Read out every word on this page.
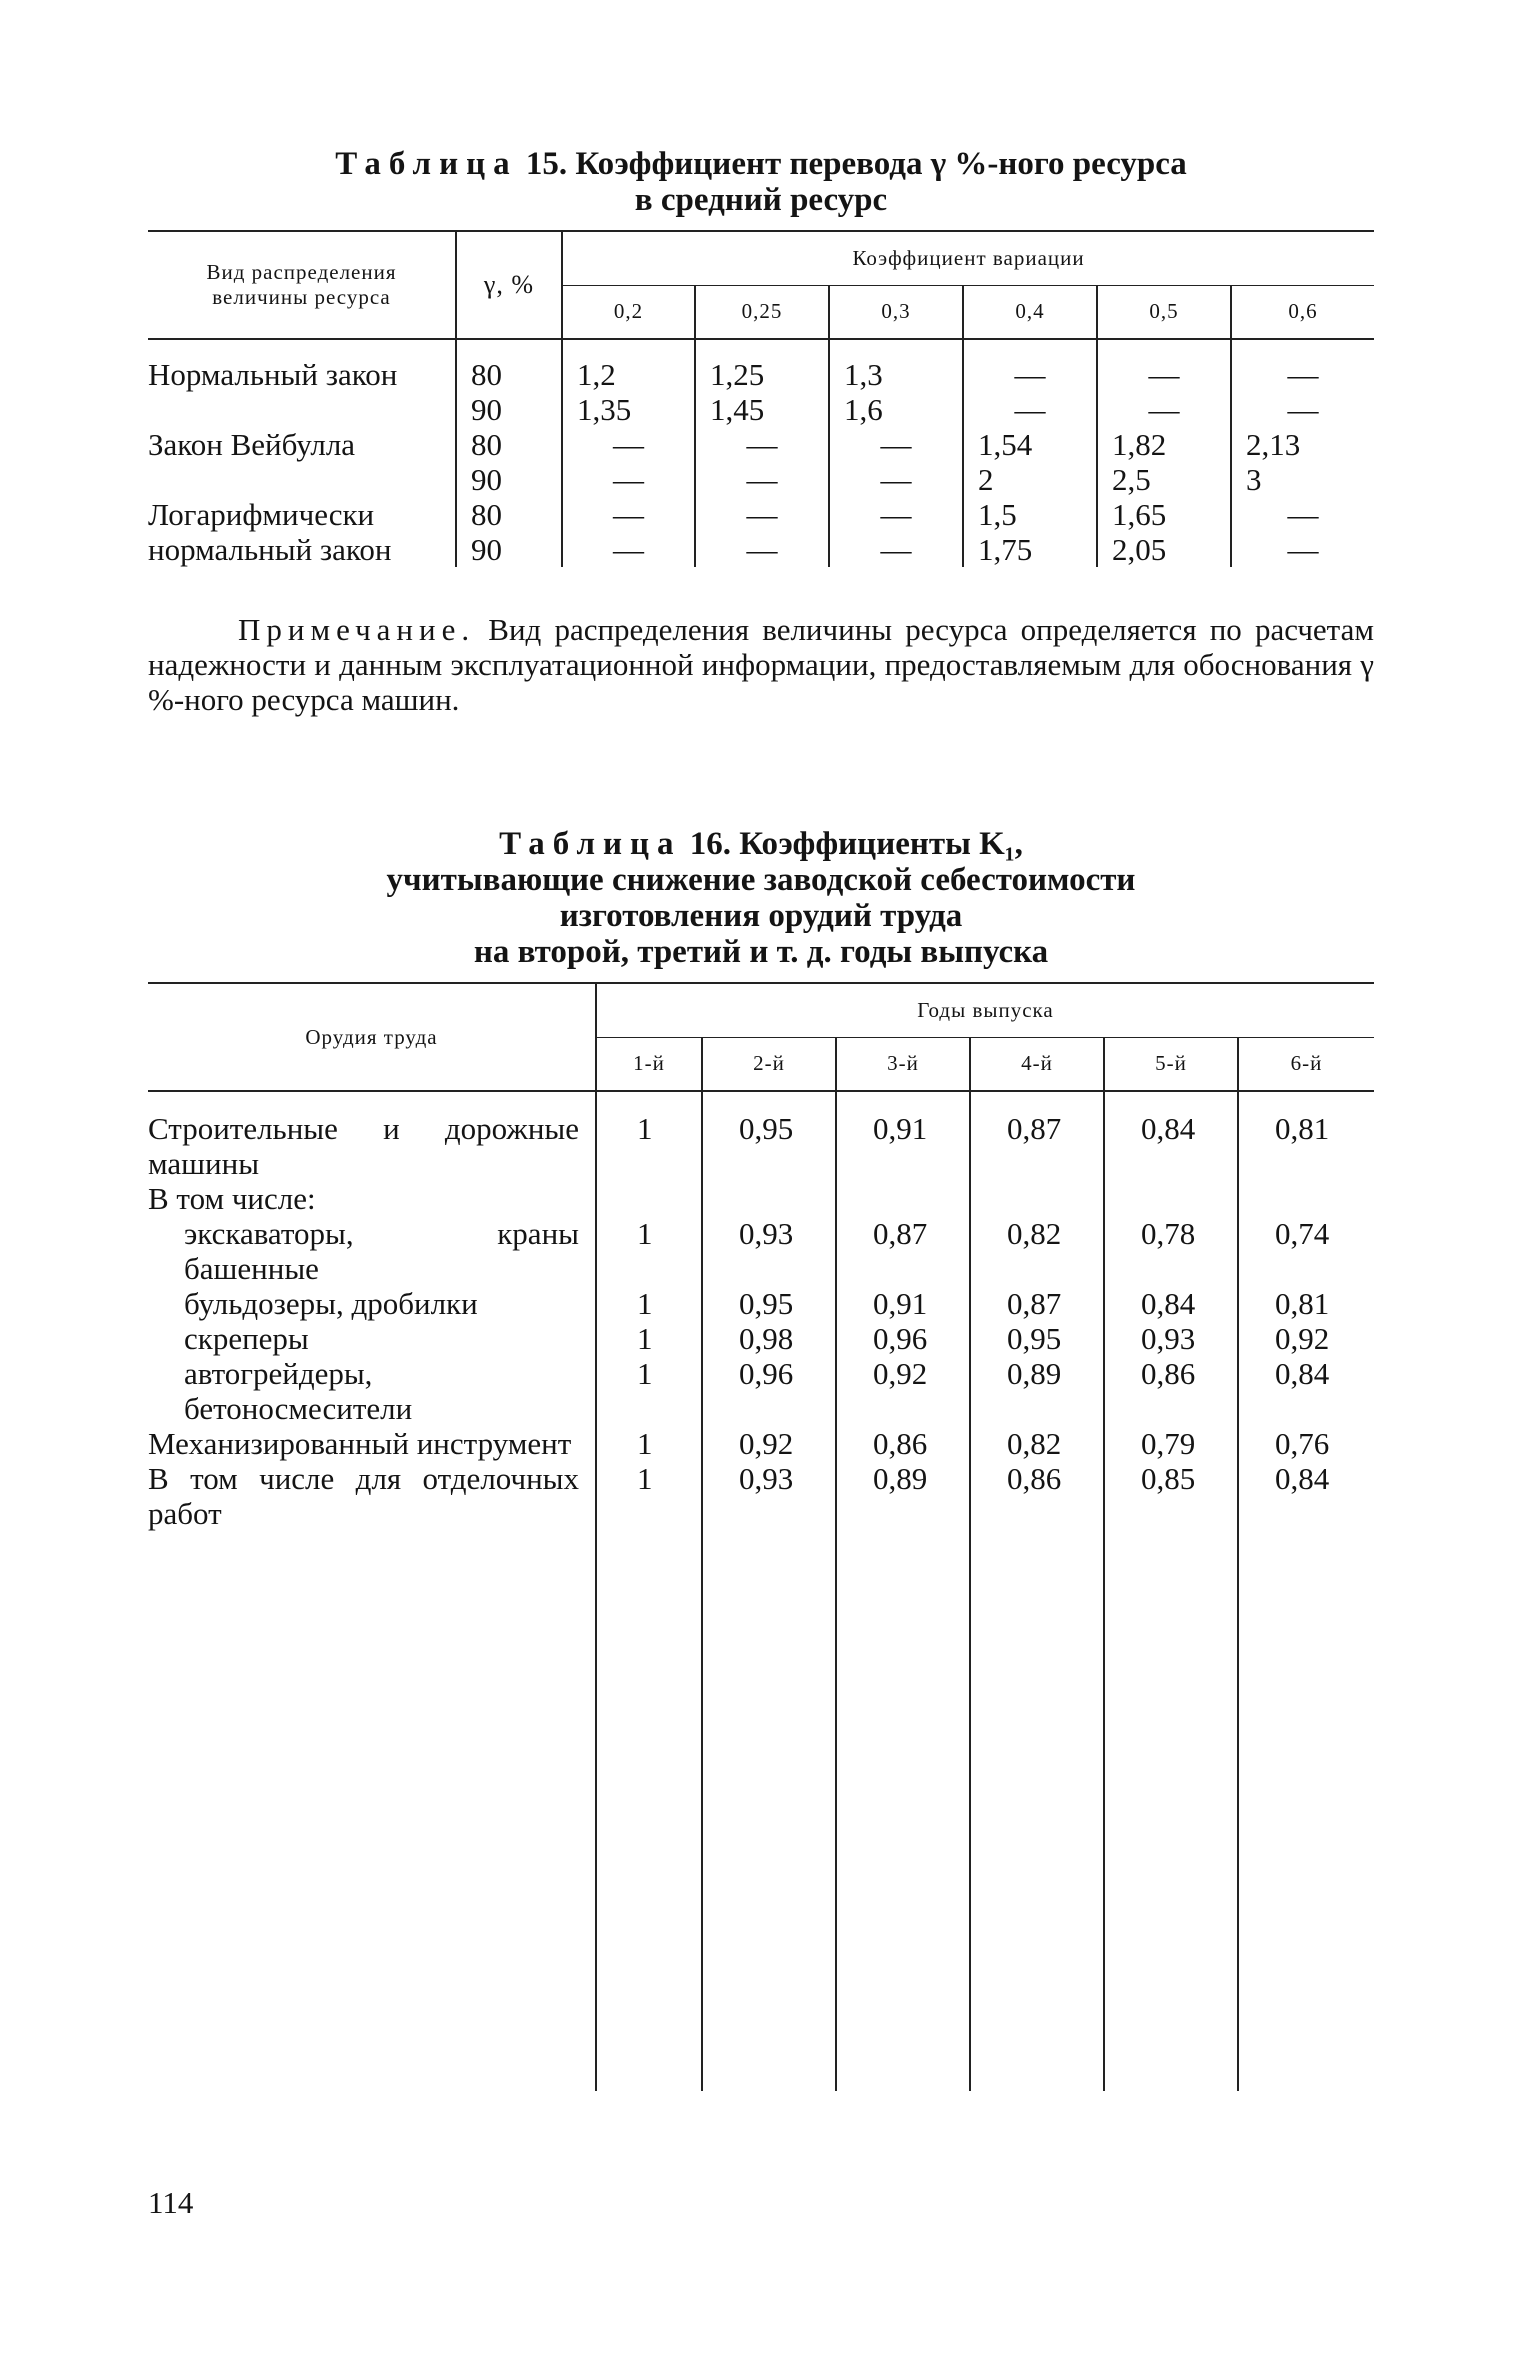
Таблица 15. Коэффициент перевода γ %-ного ресурса
в средний ресурс
Вид распределения величины ресурса	γ, %	Коэффициент вариации					
		0,2	0,25	0,3	0,4	0,5	0,6

Нормальный закон	80	1,2	1,25	1,3	—	—	—
	90	1,35	1,45	1,6	—	—	—
Закон Вейбулла	80	—	—	—	1,54	1,82	2,13
	90	—	—	—	2	2,5	3
Логарифмически	80	—	—	—	1,5	1,65	—
нормальный закон	90	—	—	—	1,75	2,05	—

Примечание. Вид распределения величины ресурса определяется по расчетам надежности и данным эксплуатационной информации, предоставляемым для обоснования γ %-ного ресурса машин.

Таблица 16. Коэффициенты K₁,
учитывающие снижение заводской себестоимости
изготовления орудий труда
на второй, третий и т. д. годы выпуска
Орудия труда	Годы выпуска					
	1-й	2-й	3-й	4-й	5-й	6-й

Строительные и дорожные машины	1	0,95	0,91	0,87	0,84	0,81
В том числе:						
экскаваторы, краны башенные	1	0,93	0,87	0,82	0,78	0,74
бульдозеры, дробилки	1	0,95	0,91	0,87	0,84	0,81
скреперы	1	0,98	0,96	0,95	0,93	0,92
автогрейдеры, бетоносмесители	1	0,96	0,92	0,89	0,86	0,84
Механизированный инструмент	1	0,92	0,86	0,82	0,79	0,76
В том числе для отделочных работ	1	0,93	0,89	0,86	0,85	0,84

114
